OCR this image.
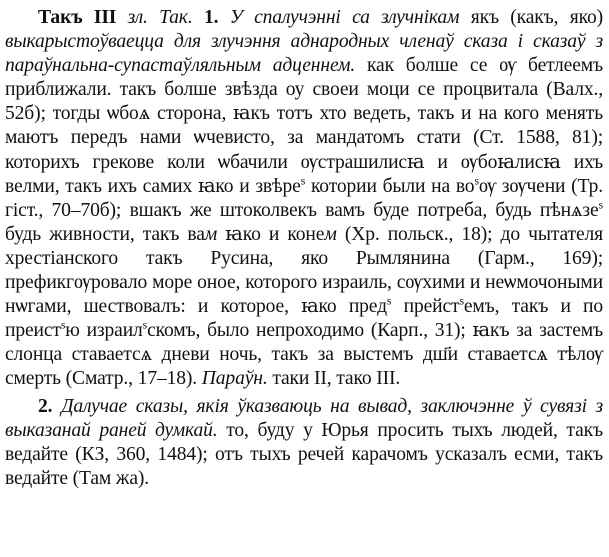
Такъ III зл. Так. 1. У спалучэнні са злучнікам якъ (какъ, яко) выкарыстоўваецца для злучэння аднародных членаў сказа і сказаў з параўнальна-супастаўляльным адценнем. как болше се ѹ бетлеемъ приближали. такъ болше звѣзда оу своеи моци се процвитала (Валх., 52б); тогды ѡбоѧ сторона, ꙗкъ тотъ хто ведеть, такъ и на кого менять маютъ передъ нами ѡчевисто, за мандатомъ стати (Ст. 1588, 81); которихъ грекове коли ѡбачили ѹстрашилисꙗ и ѹбоꙗлисꙗ ихъ велми, такъ ихъ самих ꙗко и звѣре$^s$ котории были на $во^sѹ$ зѹчени (Тр. гіст., 70–70б); вшакъ же штоколвекъ вамъ буде потреба, будь пѣнѧзе$^s$ будь живности, такъ вам ꙗко и конем (Хр. польск., 18); до чытателя хрестіанского такъ Русина, яко Рымлянина (Гарм., 169); префикгѹровало море оное, которого израиль, сѹхими и неѡмочоными нѡгами, шествовалъ: и которое, ꙗко пред$^s$ прейст$^s$емъ, такъ и по преист$^s$ю израил$^s$скомъ, было непроходимо (Карп., 31); ꙗкъ за застемъ слонца ставаетсѧ дневи ночь, такъ за выстемъ дш҃и ставаетсѧ тѣлѹ смерть (Сматр., 17–18). Параўн. таки II, тако III.

2. Далучае сказы, якія ўказваюць на вывад, заключэнне ў сувязі з выказанай раней думкай. то, буду у Юрья просить тыхъ людей, такъ ведайте (КЗ, 360, 1484); отъ тыхъ речей карачомъ усказалъ есми, такъ ведайте (Там жа).
